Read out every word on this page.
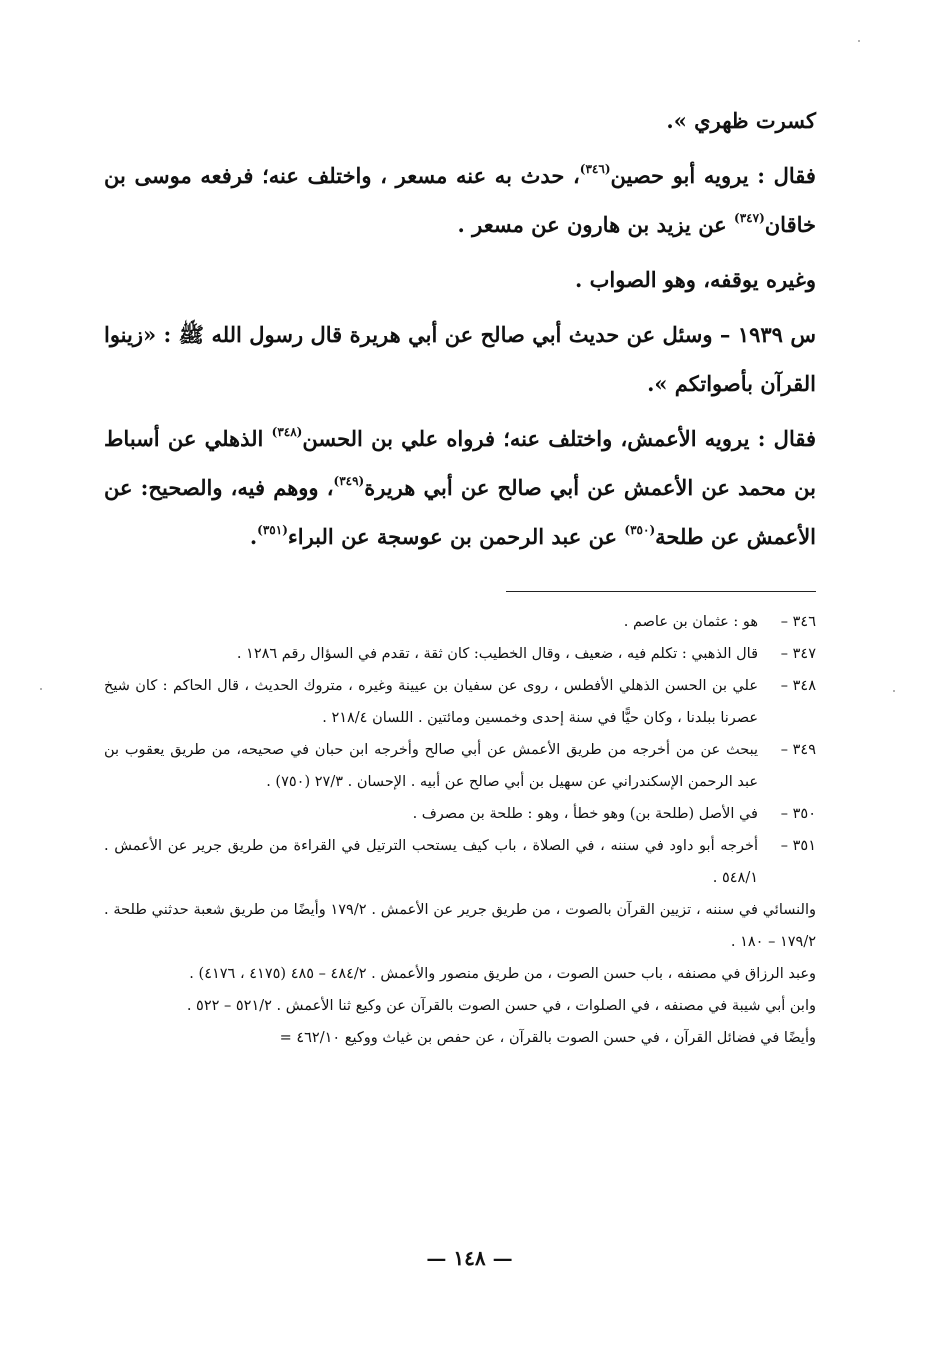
كسرت ظهري ».

فقال : يرويه أبو حصين$^{(٣٤٦)}$، حدث به عنه مسعر ، واختلف عنه؛ فرفعه موسى بن خاقان$^{(٣٤٧)}$ عن يزيد بن هارون عن مسعر .

وغيره يوقفه، وهو الصواب .

س ١٩٣٩ – وسئل عن حديث أبي صالح عن أبي هريرة قال رسول الله ﷺ : «زينوا القرآن بأصواتكم ».

فقال : يرويه الأعمش، واختلف عنه؛ فرواه علي بن الحسن$^{(٣٤٨)}$ الذهلي عن أسباط بن محمد عن الأعمش عن أبي صالح عن أبي هريرة$^{(٣٤٩)}$، ووهم فيه، والصحيح: عن الأعمش عن طلحة$^{(٣٥٠)}$ عن عبد الرحمن بن عوسجة عن البراء$^{(٣٥١)}$.

٣٤٦ –
هو : عثمان بن عاصم .
٣٤٧ –
قال الذهبي : تكلم فيه ، ضعيف ، وقال الخطيب: كان ثقة ، تقدم في السؤال رقم ١٢٨٦ .
٣٤٨ –
علي بن الحسن الذهلي الأفطس ، روى عن سفيان بن عيينة وغيره ، متروك الحديث ، قال الحاكم : كان شيخ عصرنا ببلدنا ، وكان حيًّا في سنة إحدى وخمسين ومائتين . اللسان ٢١٨/٤ .
٣٤٩ –
يبحث عن من أخرجه من طريق الأعمش عن أبي صالح وأخرجه ابن حبان في صحيحه، من طريق يعقوب بن عبد الرحمن الإسكندراني عن سهيل بن أبي صالح عن أبيه . الإحسان . ٢٧/٣ (٧٥٠) .
٣٥٠ –
في الأصل (طلحة بن) وهو خطأ ، وهو : طلحة بن مصرف .
٣٥١ –
أخرجه أبو داود في سننه ، في الصلاة ، باب كيف يستحب الترتيل في القراءة من طريق جرير عن الأعمش . ٥٤٨/١ .
والنسائي في سننه ، تزيين القرآن بالصوت ، من طريق جرير عن الأعمش . ١٧٩/٢ وأيضًا من طريق شعبة حدثني طلحة . ١٧٩/٢ – ١٨٠ .
وعبد الرزاق في مصنفه ، باب حسن الصوت ، من طريق منصور والأعمش . ٤٨٤/٢ – ٤٨٥ (٤١٧٥ ، ٤١٧٦) .
وابن أبي شيبة في مصنفه ، في الصلوات ، في حسن الصوت بالقرآن عن وكيع ثنا الأعمش . ٥٢١/٢ – ٥٢٢ .
وأيضًا في فضائل القرآن ، في حسن الصوت بالقرآن ، عن حفص بن غياث ووكيع ٤٦٢/١٠ =
— ١٤٨ —
